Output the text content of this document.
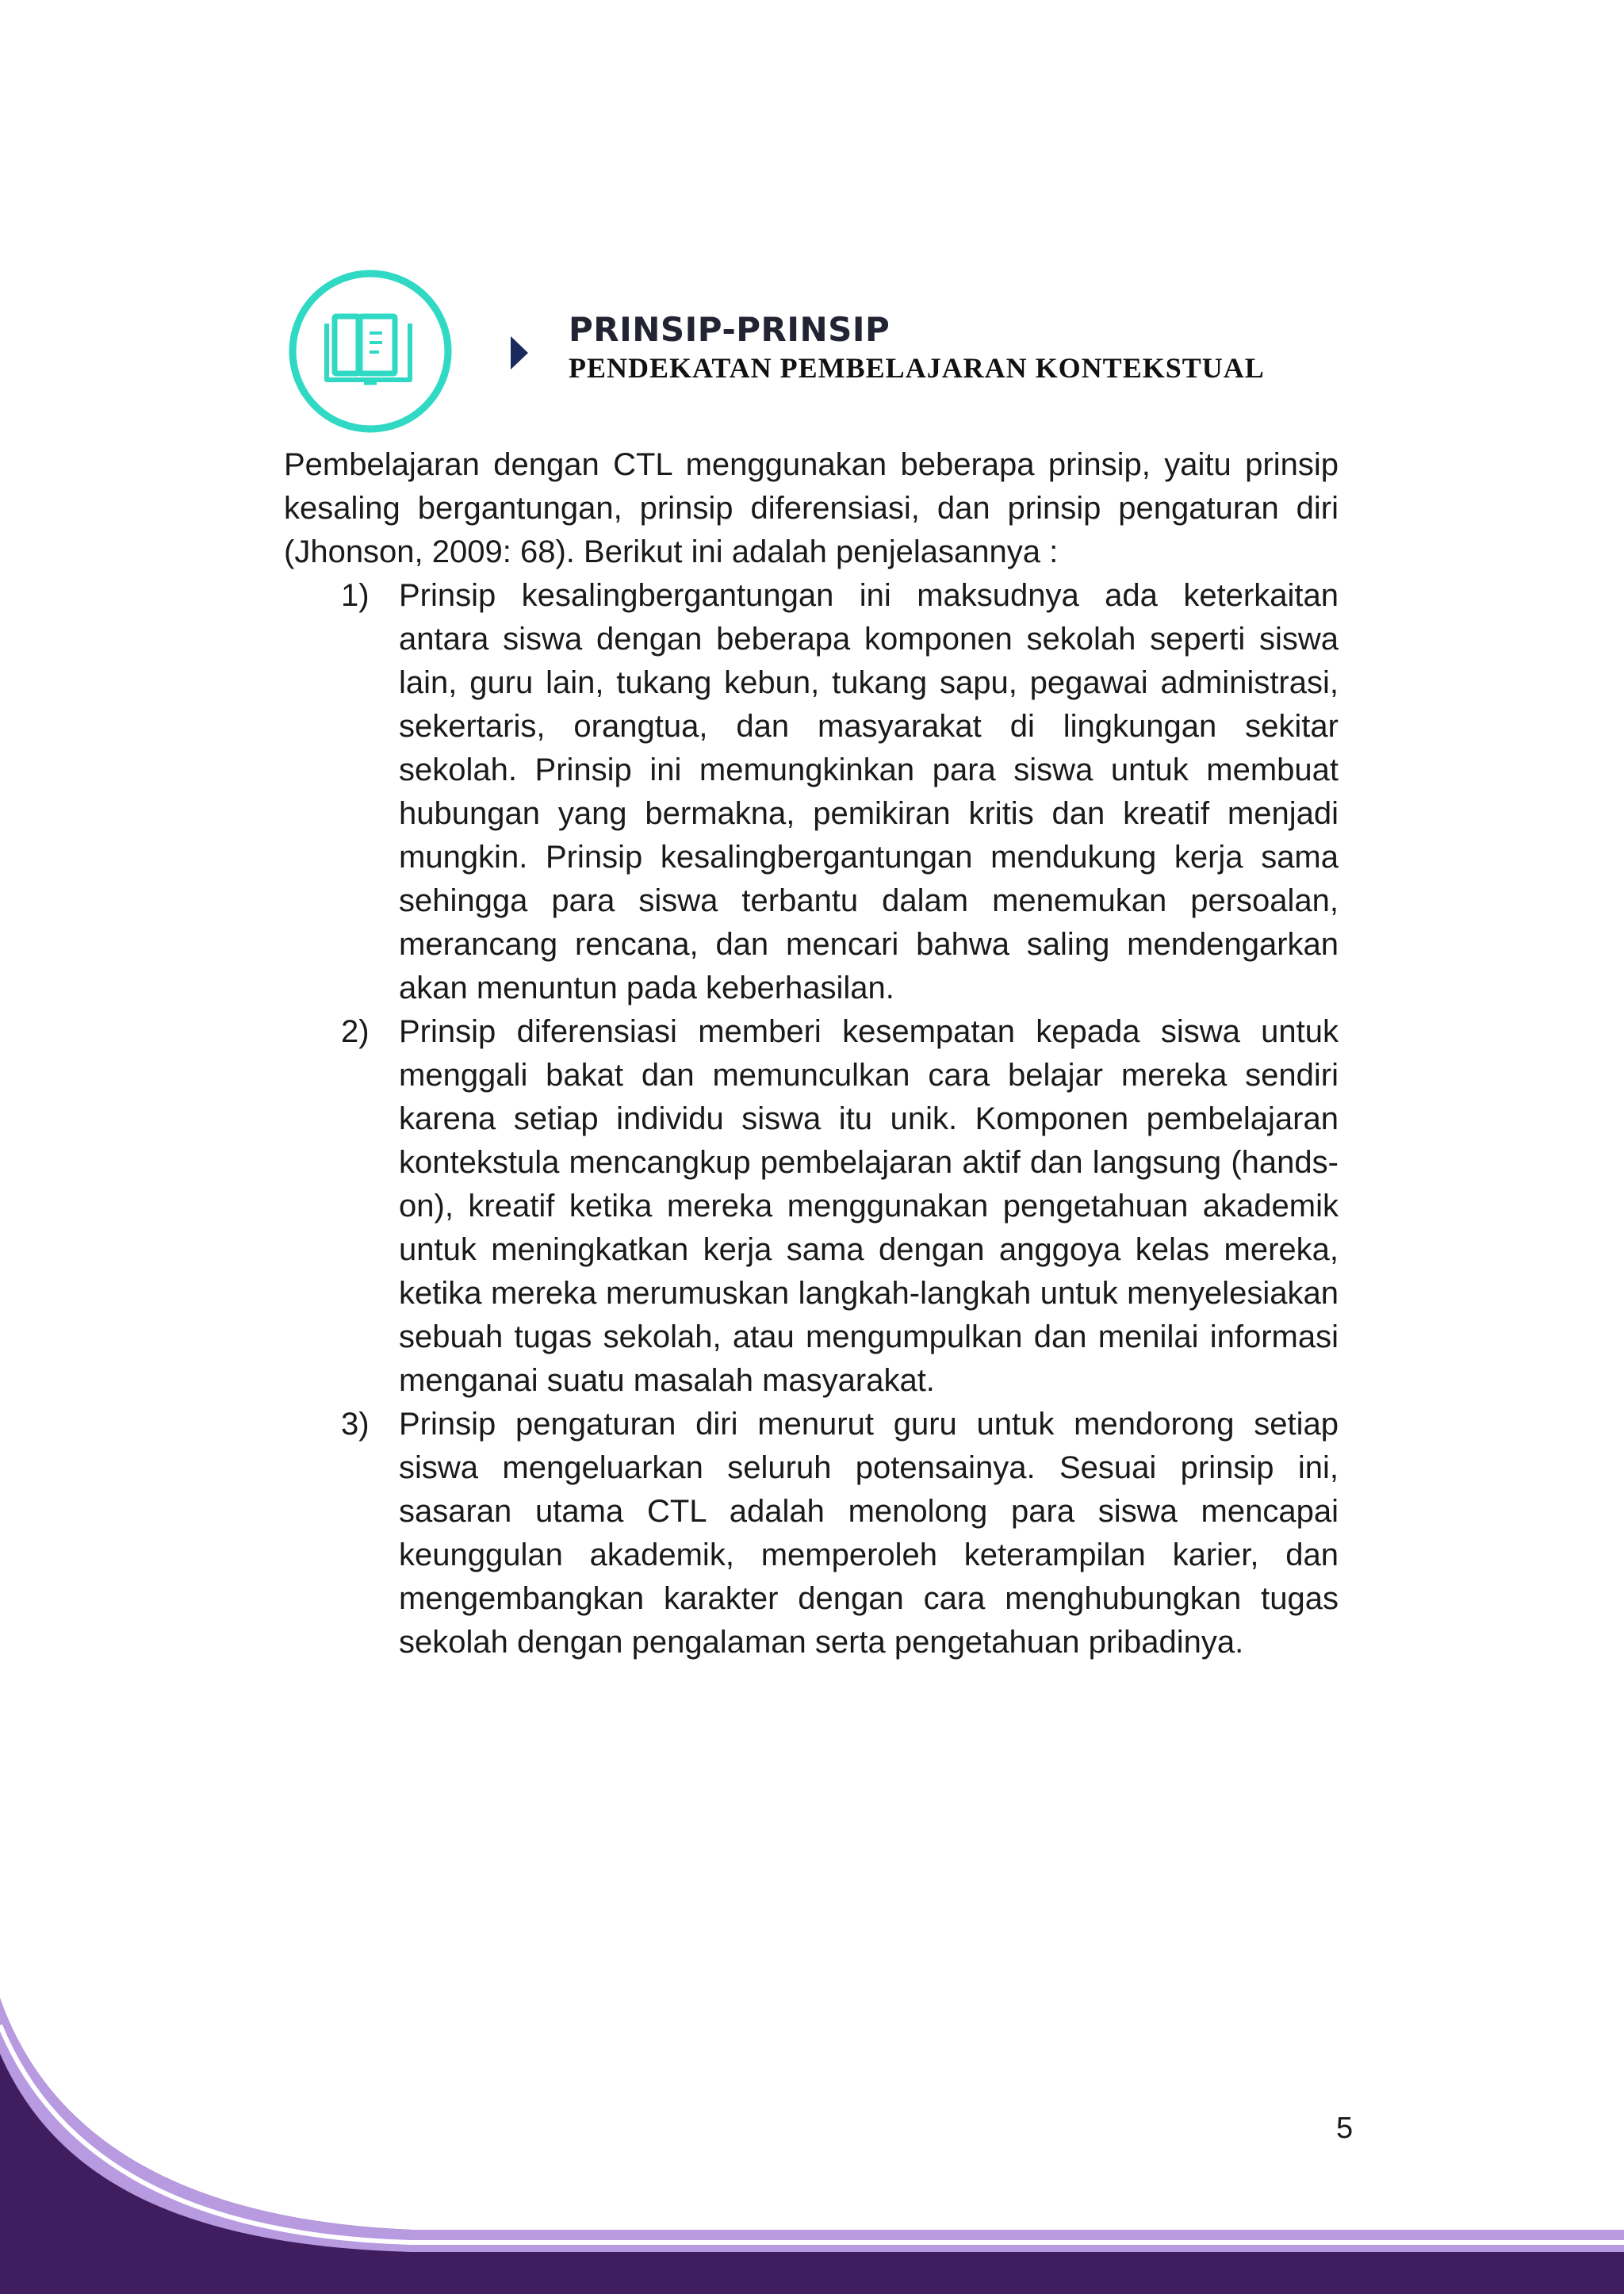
PRINSIP-PRINSIP
PENDEKATAN PEMBELAJARAN KONTEKSTUAL

Pembelajaran dengan CTL menggunakan beberapa prinsip, yaitu prinsip kesaling bergantungan, prinsip diferensiasi, dan prinsip pengaturan diri (Jhonson, 2009: 68). Berikut ini adalah penjelasannya :

1) Prinsip kesalingbergantungan ini maksudnya ada keterkaitan antara siswa dengan beberapa komponen sekolah seperti siswa lain, guru lain, tukang kebun, tukang sapu, pegawai administrasi, sekertaris, orangtua, dan masyarakat di lingkungan sekitar sekolah. Prinsip ini memungkinkan para siswa untuk membuat hubungan yang bermakna, pemikiran kritis dan kreatif menjadi mungkin. Prinsip kesalingbergantungan mendukung kerja sama sehingga para siswa terbantu dalam menemukan persoalan, merancang rencana, dan mencari bahwa saling mendengarkan akan menuntun pada keberhasilan.

2) Prinsip diferensiasi memberi kesempatan kepada siswa untuk menggali bakat dan memunculkan cara belajar mereka sendiri karena setiap individu siswa itu unik. Komponen pembelajaran kontekstula mencangkup pembelajaran aktif dan langsung (hands-on), kreatif ketika mereka menggunakan pengetahuan akademik untuk meningkatkan kerja sama dengan anggoya kelas mereka, ketika mereka merumuskan langkah-langkah untuk menyelesiakan sebuah tugas sekolah, atau mengumpulkan dan menilai informasi menganai suatu masalah masyarakat.

3) Prinsip pengaturan diri menurut guru untuk mendorong setiap siswa mengeluarkan seluruh potensainya. Sesuai prinsip ini, sasaran utama CTL adalah menolong para siswa mencapai keunggulan akademik, memperoleh keterampilan karier, dan mengembangkan karakter dengan cara menghubungkan tugas sekolah dengan pengalaman serta pengetahuan pribadinya.

5
